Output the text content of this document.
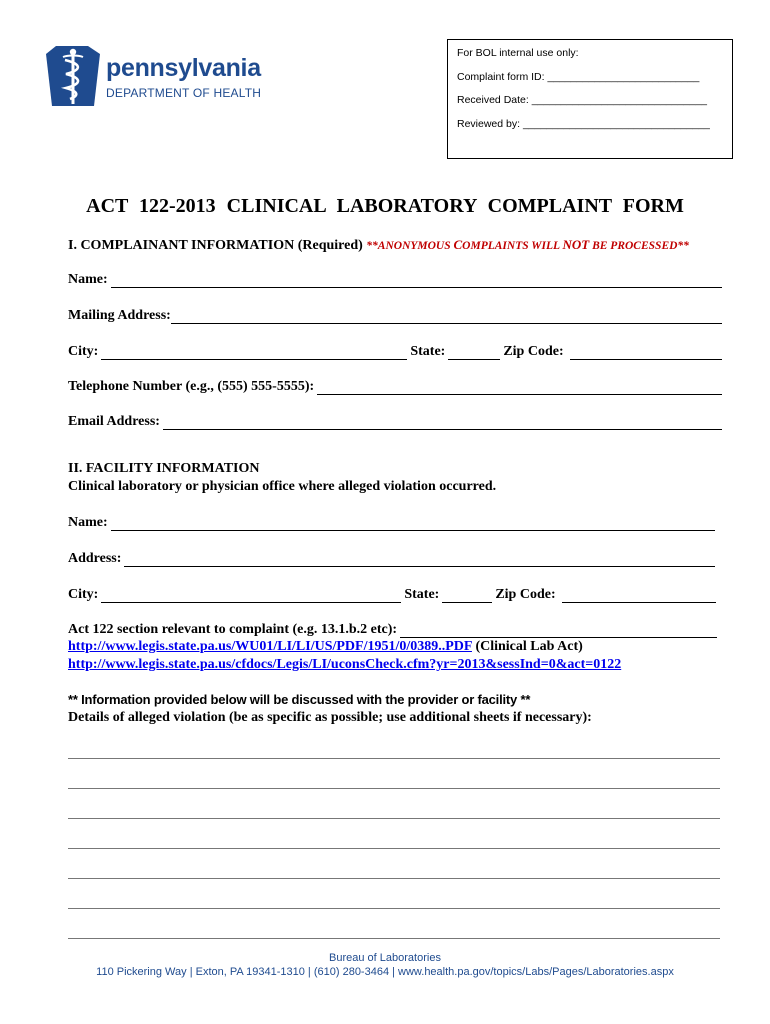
pennsylvania
DEPARTMENT OF HEALTH
For BOL internal use only:
Complaint form ID: __________________________
Received Date: ______________________________
Reviewed by: ________________________________
ACT 122-2013 CLINICAL LABORATORY COMPLAINT FORM
I. COMPLAINANT INFORMATION (Required) **ANONYMOUS COMPLAINTS WILL NOT BE PROCESSED**
Name:
Mailing Address:
City:	State:	Zip Code:
Telephone Number (e.g., (555) 555-5555):
Email Address:
II. FACILITY INFORMATION
Clinical laboratory or physician office where alleged violation occurred.
Name:
Address:
City:	State:	Zip Code:
Act 122 section relevant to complaint (e.g. 13.1.b.2 etc):
http://www.legis.state.pa.us/WU01/LI/LI/US/PDF/1951/0/0389..PDF (Clinical Lab Act)
http://www.legis.state.pa.us/cfdocs/Legis/LI/uconsCheck.cfm?yr=2013&sessInd=0&act=0122
** Information provided below will be discussed with the provider or facility **
Details of alleged violation (be as specific as possible; use additional sheets if necessary):
Bureau of Laboratories
110 Pickering Way | Exton, PA 19341-1310 | (610) 280-3464 | www.health.pa.gov/topics/Labs/Pages/Laboratories.aspx
